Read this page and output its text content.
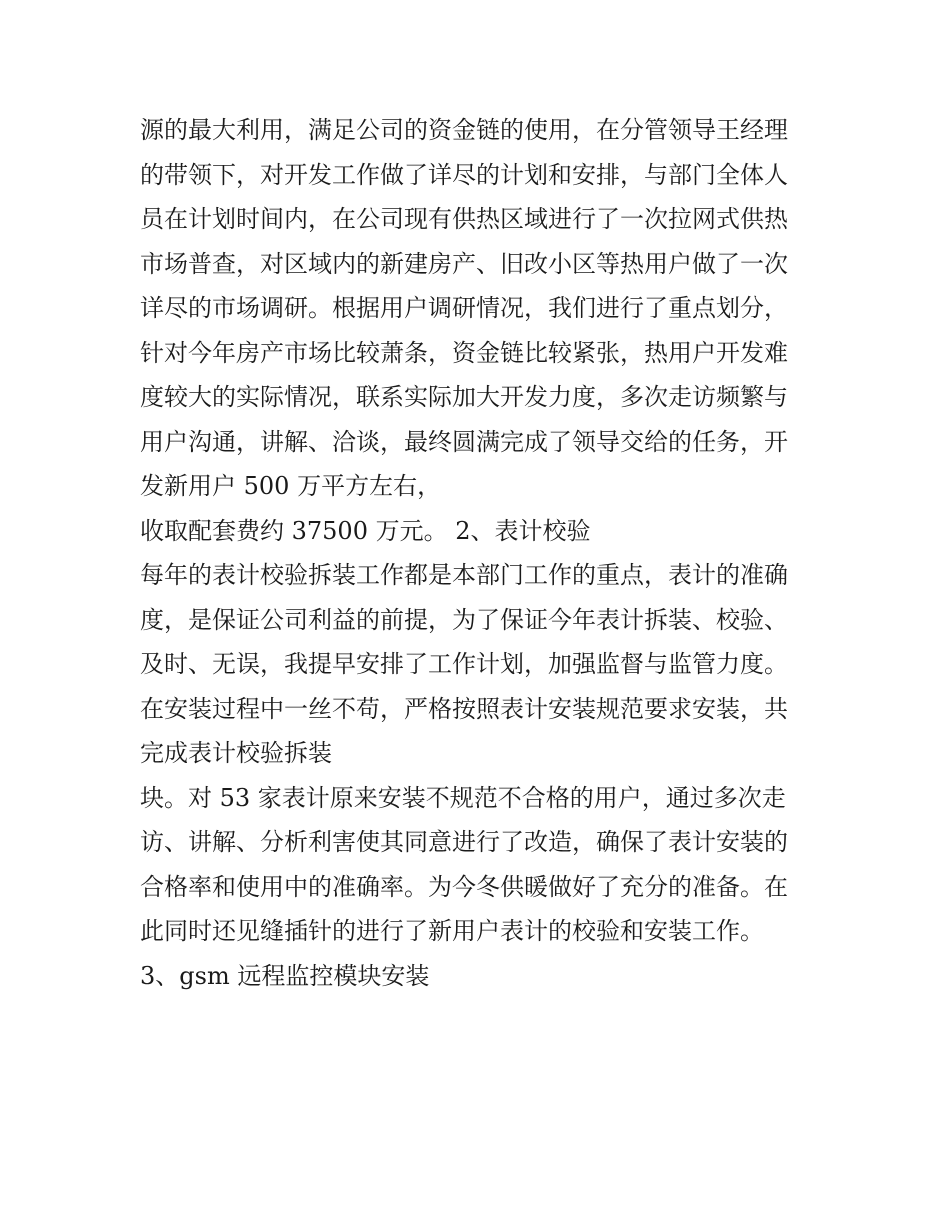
源的最大利用，满足公司的资金链的使用，在分管领导王经理
的带领下，对开发工作做了详尽的计划和安排，与部门全体人
员在计划时间内，在公司现有供热区域进行了一次拉网式供热
市场普查，对区域内的新建房产、旧改小区等热用户做了一次
详尽的市场调研。根据用户调研情况，我们进行了重点划分，
针对今年房产市场比较萧条，资金链比较紧张，热用户开发难
度较大的实际情况，联系实际加大开发力度，多次走访频繁与
用户沟通，讲解、洽谈，最终圆满完成了领导交给的任务，开
发新用户 500 万平方左右，
收取配套费约 37500 万元。 2、表计校验
每年的表计校验拆装工作都是本部门工作的重点，表计的准确
度，是保证公司利益的前提，为了保证今年表计拆装、校验、
及时、无误，我提早安排了工作计划，加强监督与监管力度。
在安装过程中一丝不苟，严格按照表计安装规范要求安装，共
完成表计校验拆装
块。对 53 家表计原来安装不规范不合格的用户，通过多次走
访、讲解、分析利害使其同意进行了改造，确保了表计安装的
合格率和使用中的准确率。为今冬供暖做好了充分的准备。在
此同时还见缝插针的进行了新用户表计的校验和安装工作。
3、gsm 远程监控模块安装
